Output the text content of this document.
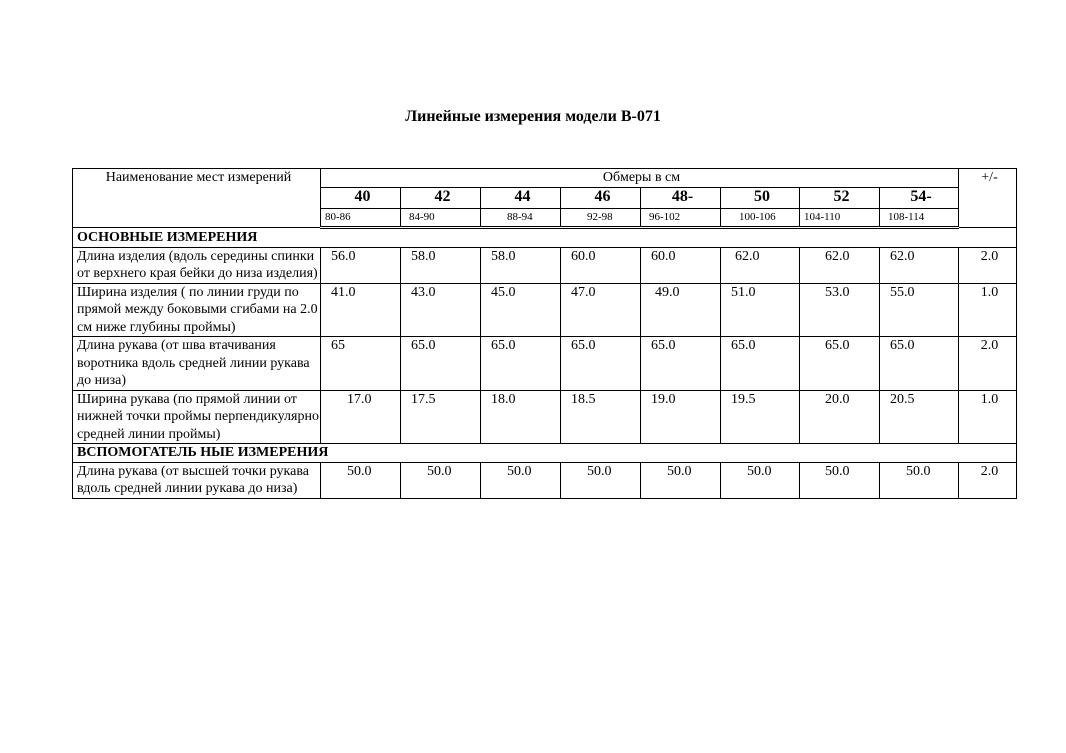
Линейные измерения модели В-071
Наименование мест измерений	Обмеры в см								+/-
	40	42	44	46	48-	50	52	54-	
	80-86	84-90	88-94	92-98	96-102	100-106	104-110	108-114	
ОСНОВНЫЕ ИЗМЕРЕНИЯ									
Длина изделия (вдоль середины спинки от верхнего края бейки до низа изделия)	56.0	58.0	58.0	60.0	60.0	62.0	62.0	62.0	2.0
Ширина изделия ( по линии груди по прямой между боковыми сгибами на 2.0 см ниже глубины проймы)	41.0	43.0	45.0	47.0	49.0	51.0	53.0	55.0	1.0
Длина рукава (от шва втачивания воротника вдоль средней линии рукава до низа)	65	65.0	65.0	65.0	65.0	65.0	65.0	65.0	2.0
Ширина рукава (по прямой линии от нижней точки проймы перпендикулярно средней линии проймы)	17.0	17.5	18.0	18.5	19.0	19.5	20.0	20.5	1.0
ВСПОМОГАТЕЛЬ НЫЕ ИЗМЕРЕНИЯ									
Длина рукава (от высшей точки рукава вдоль средней линии рукава до низа)	50.0	50.0	50.0	50.0	50.0	50.0	50.0	50.0	2.0
